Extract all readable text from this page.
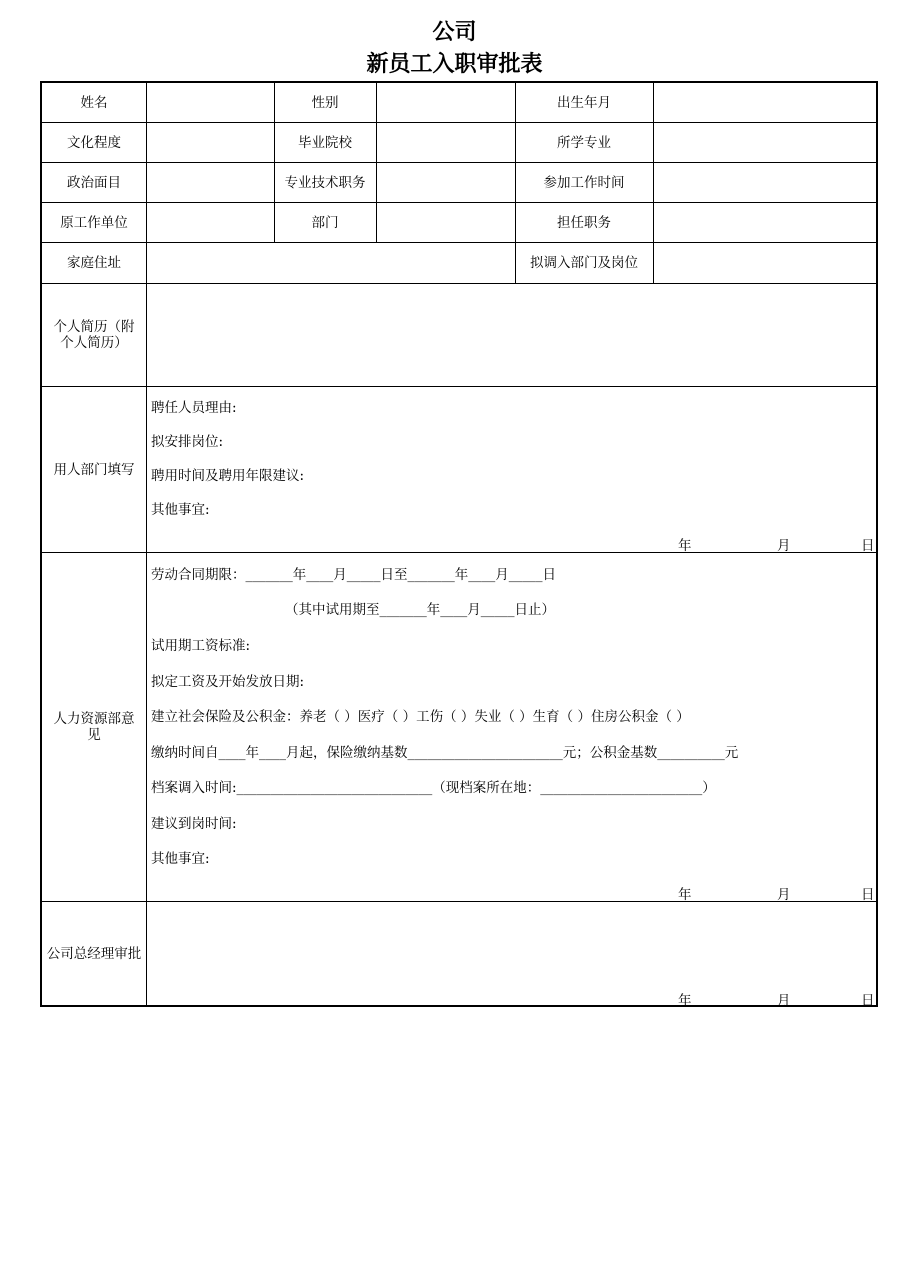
公司
新员工入职审批表
姓名	性别	出生年月
文化程度	毕业院校	所学专业
政治面目	专业技术职务	参加工作时间
原工作单位	部门	担任职务
家庭住址	拟调入部门及岗位
个人简历（附个人简历）
用人部门填写
聘任人员理由:
拟安排岗位:
聘用时间及聘用年限建议:
其他事宜:
年	月	日
人力资源部意见
劳动合同期限：_______年____月_____日至_______年____月_____日
（其中试用期至_______年____月_____日止）
试用期工资标准:
拟定工资及开始发放日期:
建立社会保险及公积金：养老（ ）医疗（ ）工伤（ ）失业（ ）生育（ ）住房公积金（ ）
缴纳时间自____年____月起，保险缴纳基数_______________________元；公积金基数__________元
档案调入时间:_____________________________（现档案所在地：________________________）
建议到岗时间:
其他事宜:
年	月	日
公司总经理审批
年	月	日
